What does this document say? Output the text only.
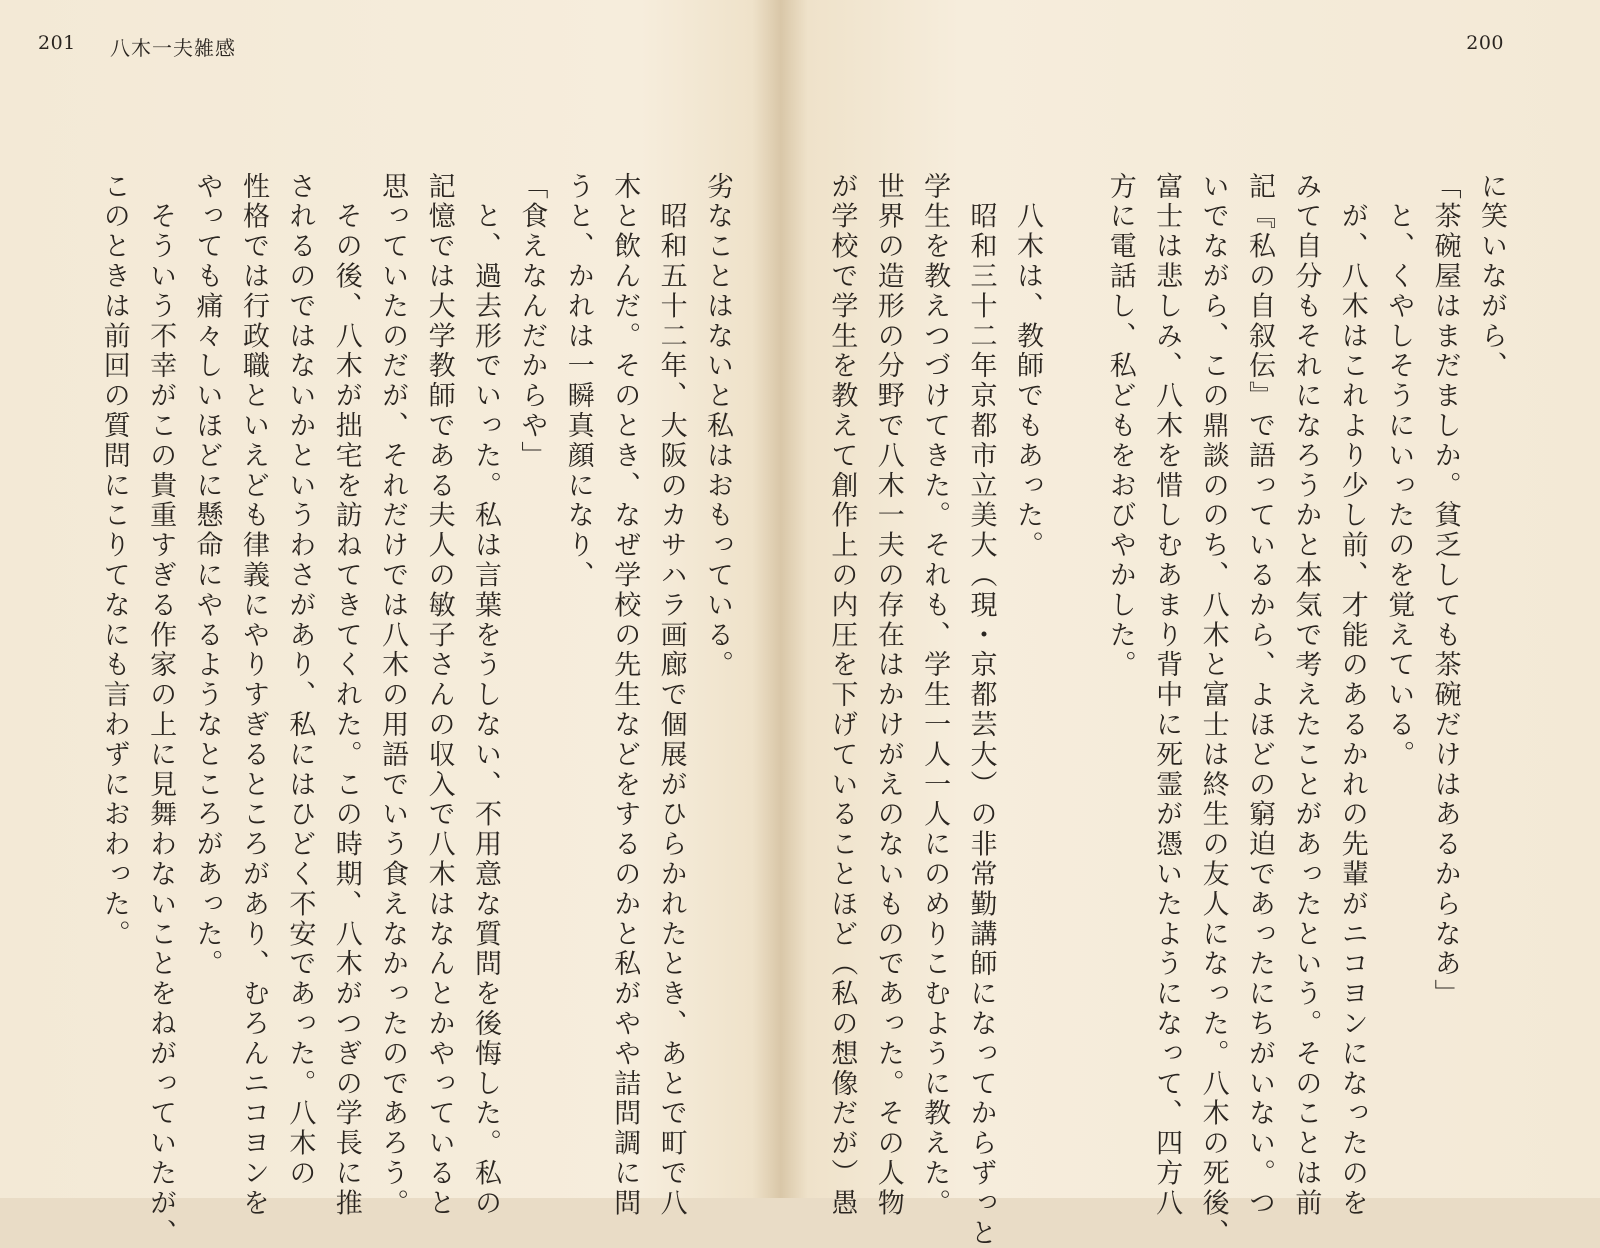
201 八木一夫雑感

劣なことはないと私はおもっている。

　昭和五十二年、大阪のカサハラ画廊で個展がひらかれたとき、あとで町で八

木と飲んだ。そのとき、なぜ学校の先生などをするのかと私がやや詰問調に問

うと、かれは一瞬真顔になり、

「食えなんだからや」

　と、過去形でいった。私は言葉をうしない、不用意な質問を後悔した。私の

記憶では大学教師である夫人の敏子さんの収入で八木はなんとかやっていると

思っていたのだが、それだけでは八木の用語でいう食えなかったのであろう。

　その後、八木が拙宅を訪ねてきてくれた。この時期、八木がつぎの学長に推

されるのではないかというわさがあり、私にはひどく不安であった。八木の

性格では行政職といえども律義にやりすぎるところがあり、むろんニコヨンを

やっても痛々しいほどに懸命にやるようなところがあった。

　そういう不幸がこの貴重すぎる作家の上に見舞わないことをねがっていたが、

このときは前回の質問にこりてなにも言わずにおわった。

200

に笑いながら、

「茶碗屋はまだましか。貧乏しても茶碗だけはあるからなあ」

　と、くやしそうにいったのを覚えている。

　が、八木はこれより少し前、才能のあるかれの先輩がニコヨンになったのを

みて自分もそれになろうかと本気で考えたことがあったという。そのことは前

記『私の自叙伝』で語っているから、よほどの窮迫であったにちがいない。つ

いでながら、この鼎談ののち、八木と富士は終生の友人になった。八木の死後、

富士は悲しみ、八木を惜しむあまり背中に死霊が憑いたようになって、四方八

方に電話し、私どもをおびやかした。

　八木は、教師でもあった。

　昭和三十二年京都市立美大（現・京都芸大）の非常勤講師になってからずっと

学生を教えつづけてきた。それも、学生一人一人にのめりこむように教えた。

世界の造形の分野で八木一夫の存在はかけがえのないものであった。その人物

が学校で学生を教えて創作上の内圧を下げていることほど（私の想像だが）愚
